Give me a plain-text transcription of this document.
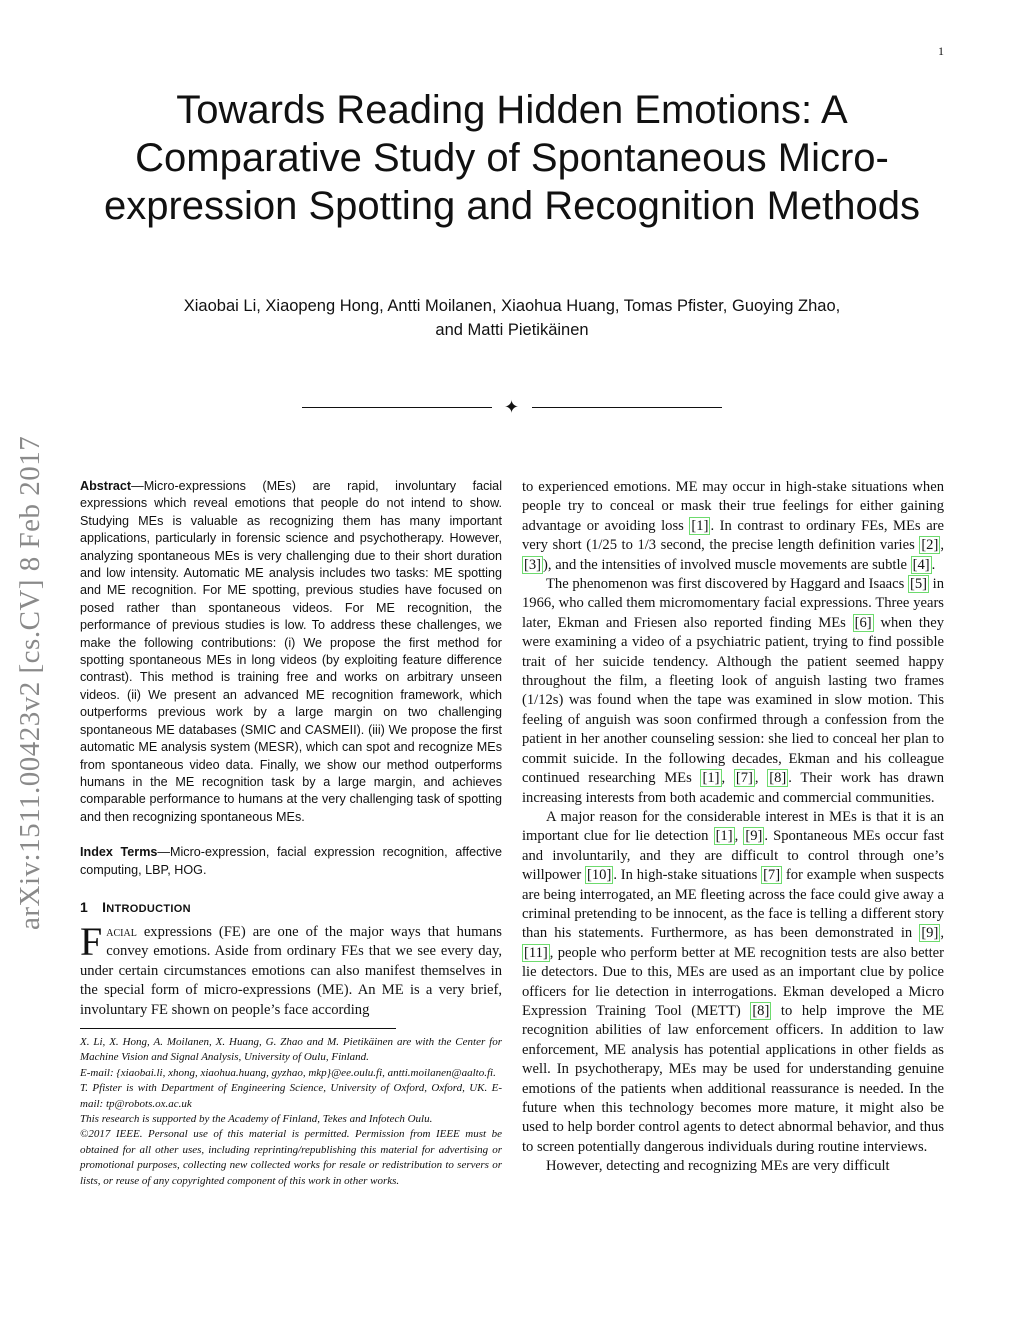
1
arXiv:1511.00423v2 [cs.CV] 8 Feb 2017
Towards Reading Hidden Emotions: A Comparative Study of Spontaneous Micro-expression Spotting and Recognition Methods
Xiaobai Li, Xiaopeng Hong, Antti Moilanen, Xiaohua Huang, Tomas Pfister, Guoying Zhao,
and Matti Pietikäinen
✦

Abstract—Micro-expressions (MEs) are rapid, involuntary facial expressions which reveal emotions that people do not intend to show. Studying MEs is valuable as recognizing them has many important applications, particularly in forensic science and psychotherapy. However, analyzing spontaneous MEs is very challenging due to their short duration and low intensity. Automatic ME analysis includes two tasks: ME spotting and ME recognition. For ME spotting, previous studies have focused on posed rather than spontaneous videos. For ME recognition, the performance of previous studies is low. To address these challenges, we make the following contributions: (i) We propose the first method for spotting spontaneous MEs in long videos (by exploiting feature difference contrast). This method is training free and works on arbitrary unseen videos. (ii) We present an advanced ME recognition framework, which outperforms previous work by a large margin on two challenging spontaneous ME databases (SMIC and CASMEII). (iii) We propose the first automatic ME analysis system (MESR), which can spot and recognize MEs from spontaneous video data. Finally, we show our method outperforms humans in the ME recognition task by a large margin, and achieves comparable performance to humans at the very challenging task of spotting and then recognizing spontaneous MEs.

Index Terms—Micro-expression, facial expression recognition, affective computing, LBP, HOG.

1 INTRODUCTION

Facial expressions (FE) are one of the major ways that humans convey emotions. Aside from ordinary FEs that we see every day, under certain circumstances emotions can also manifest themselves in the special form of micro-expressions (ME). An ME is a very brief, involuntary FE shown on people’s face according

X. Li, X. Hong, A. Moilanen, X. Huang, G. Zhao and M. Pietikäinen are with the Center for Machine Vision and Signal Analysis, University of Oulu, Finland.

E-mail: {xiaobai.li, xhong, xiaohua.huang, gyzhao, mkp}@ee.oulu.fi, antti.moilanen@aalto.fi.

T. Pfister is with Department of Engineering Science, University of Oxford, Oxford, UK. E-mail: tp@robots.ox.ac.uk

This research is supported by the Academy of Finland, Tekes and Infotech Oulu.

©2017 IEEE. Personal use of this material is permitted. Permission from IEEE must be obtained for all other uses, including reprinting/republishing this material for advertising or promotional purposes, collecting new collected works for resale or redistribution to servers or lists, or reuse of any copyrighted component of this work in other works.

to experienced emotions. ME may occur in high-stake situations when people try to conceal or mask their true feelings for either gaining advantage or avoiding loss [1] . In contrast to ordinary FEs, MEs are very short (1/25 to 1/3 second, the precise length definition varies [2] , [3] ), and the intensities of involved muscle movements are subtle [4] .

The phenomenon was first discovered by Haggard and Isaacs [5] in 1966, who called them micromomentary facial expressions. Three years later, Ekman and Friesen also reported finding MEs [6] when they were examining a video of a psychiatric patient, trying to find possible trait of her suicide tendency. Although the patient seemed happy throughout the film, a fleeting look of anguish lasting two frames (1/12s) was found when the tape was examined in slow motion. This feeling of anguish was soon confirmed through a confession from the patient in her another counseling session: she lied to conceal her plan to commit suicide. In the following decades, Ekman and his colleague continued researching MEs [1] , [7] , [8] . Their work has drawn increasing interests from both academic and commercial communities.

A major reason for the considerable interest in MEs is that it is an important clue for lie detection [1] , [9] . Spontaneous MEs occur fast and involuntarily, and they are difficult to control through one’s willpower [10] . In high-stake situations [7] for example when suspects are being interrogated, an ME fleeting across the face could give away a criminal pretending to be innocent, as the face is telling a different story than his statements. Furthermore, as has been demonstrated in [9] , [11] , people who perform better at ME recognition tests are also better lie detectors. Due to this, MEs are used as an important clue by police officers for lie detection in interrogations. Ekman developed a Micro Expression Training Tool (METT) [8] to help improve the ME recognition abilities of law enforcement officers. In addition to law enforcement, ME analysis has potential applications in other fields as well. In psychotherapy, MEs may be used for understanding genuine emotions of the patients when additional reassurance is needed. In the future when this technology becomes more mature, it might also be used to help border control agents to detect abnormal behavior, and thus to screen potentially dangerous individuals during routine interviews.

However, detecting and recognizing MEs are very difficult
